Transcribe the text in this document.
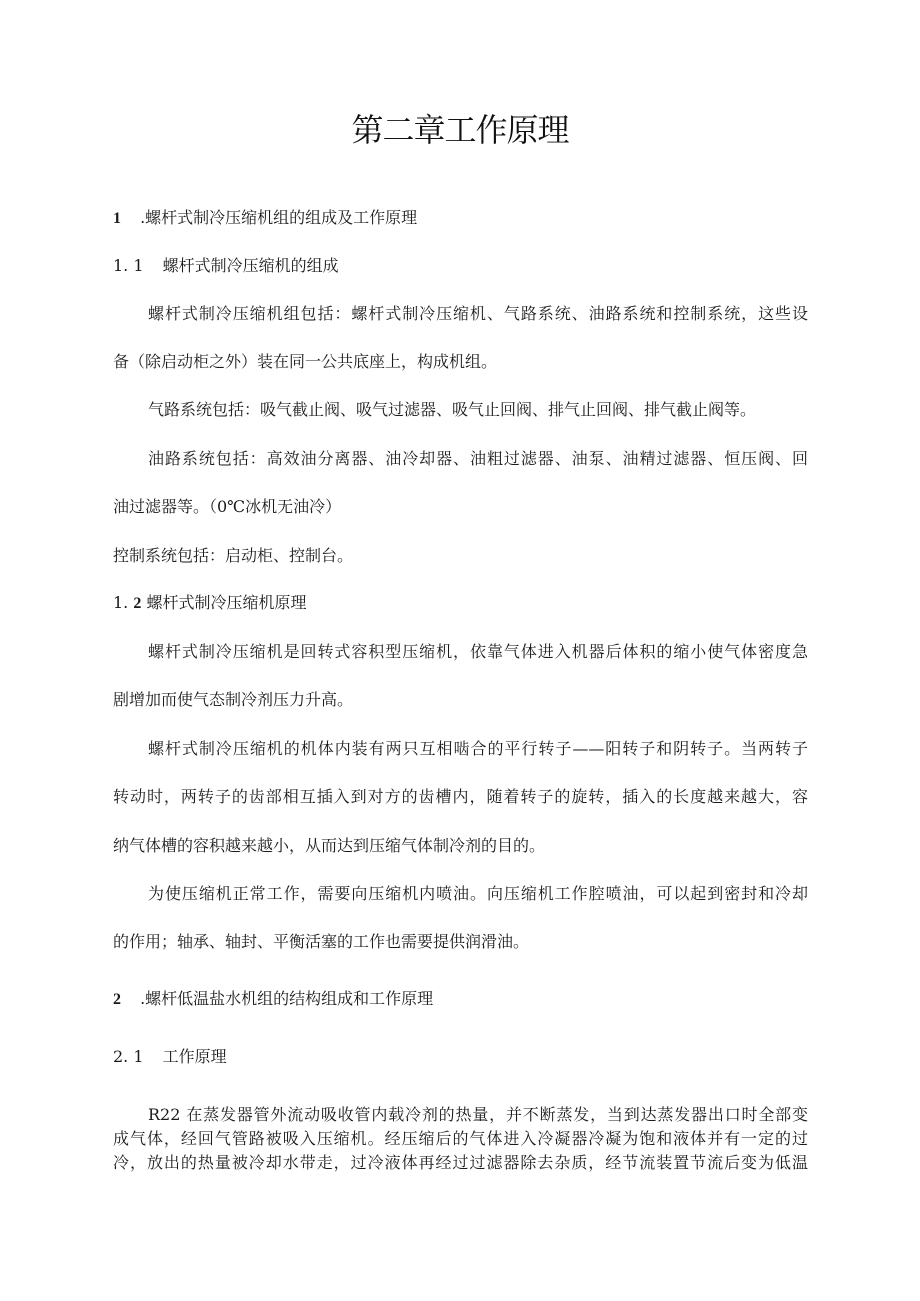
第二章工作原理
1 .螺杆式制冷压缩机组的组成及工作原理
1. 1 螺杆式制冷压缩机的组成
螺杆式制冷压缩机组包括：螺杆式制冷压缩机、气路系统、油路系统和控制系统，这些设
备（除启动柜之外）装在同一公共底座上，构成机组。
气路系统包括：吸气截止阀、吸气过滤器、吸气止回阀、排气止回阀、排气截止阀等。
油路系统包括：高效油分离器、油冷却器、油粗过滤器、油泵、油精过滤器、恒压阀、回
油过滤器等。（0℃冰机无油冷）
控制系统包括：启动柜、控制台。
1. 2 螺杆式制冷压缩机原理
螺杆式制冷压缩机是回转式容积型压缩机，依靠气体进入机器后体积的缩小使气体密度急
剧增加而使气态制冷剂压力升高。
螺杆式制冷压缩机的机体内装有两只互相啮合的平行转子——阳转子和阴转子。当两转子
转动时，两转子的齿部相互插入到对方的齿槽内，随着转子的旋转，插入的长度越来越大，容
纳气体槽的容积越来越小，从而达到压缩气体制冷剂的目的。
为使压缩机正常工作，需要向压缩机内喷油。向压缩机工作腔喷油，可以起到密封和冷却
的作用；轴承、轴封、平衡活塞的工作也需要提供润滑油。
2 .螺杆低温盐水机组的结构组成和工作原理
2. 1 工作原理
R22 在蒸发器管外流动吸收管内载冷剂的热量，并不断蒸发，当到达蒸发器出口时全部变
成气体，经回气管路被吸入压缩机。经压缩后的气体进入冷凝器冷凝为饱和液体并有一定的过
冷，放出的热量被冷却水带走，过冷液体再经过过滤器除去杂质，经节流装置节流后变为低温
